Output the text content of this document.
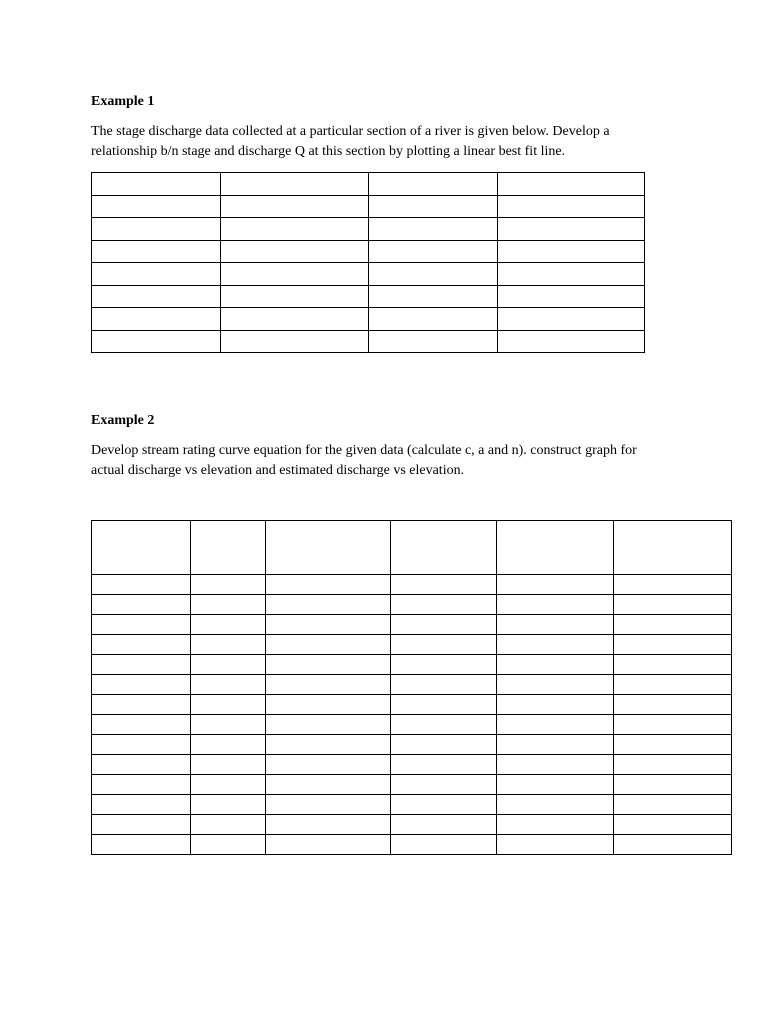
Example 1

The stage discharge data collected at a particular section of a river is given below. Develop a
relationship b/n stage and discharge Q at this section by plotting a linear best fit line.

Example 2

Develop stream rating curve equation for the given data (calculate c, a and n). construct graph for
actual discharge vs elevation and estimated discharge vs elevation.
